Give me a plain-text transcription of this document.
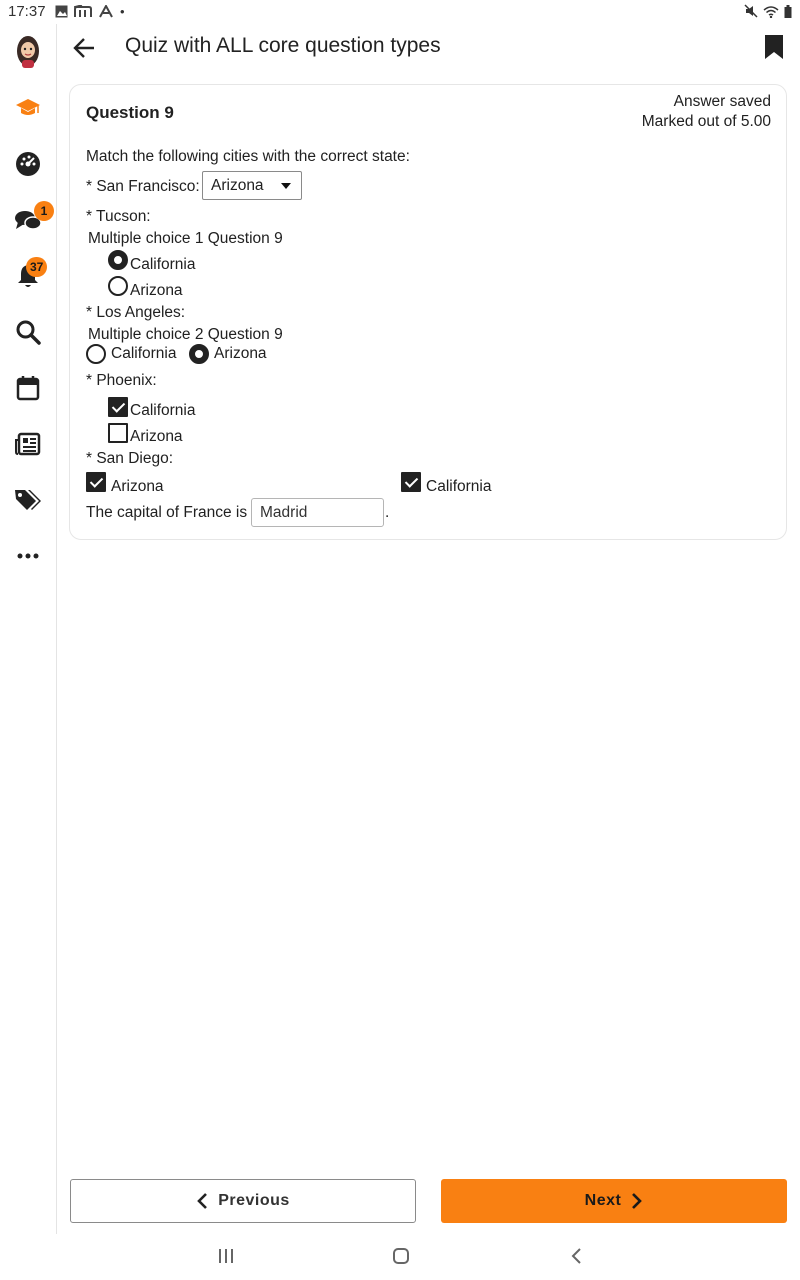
17:37	•
1
37
Quiz with ALL core question types
Question 9
Answer saved
Marked out of 5.00
Match the following cities with the correct state:
* San Francisco: Arizona
* Tucson:
Multiple choice 1 Question 9
California
Arizona
* Los Angeles:
Multiple choice 2 Question 9
California Arizona
* Phoenix:
California
Arizona
* San Diego:
Arizona	California
The capital of France is Madrid	.
Previous	Next
